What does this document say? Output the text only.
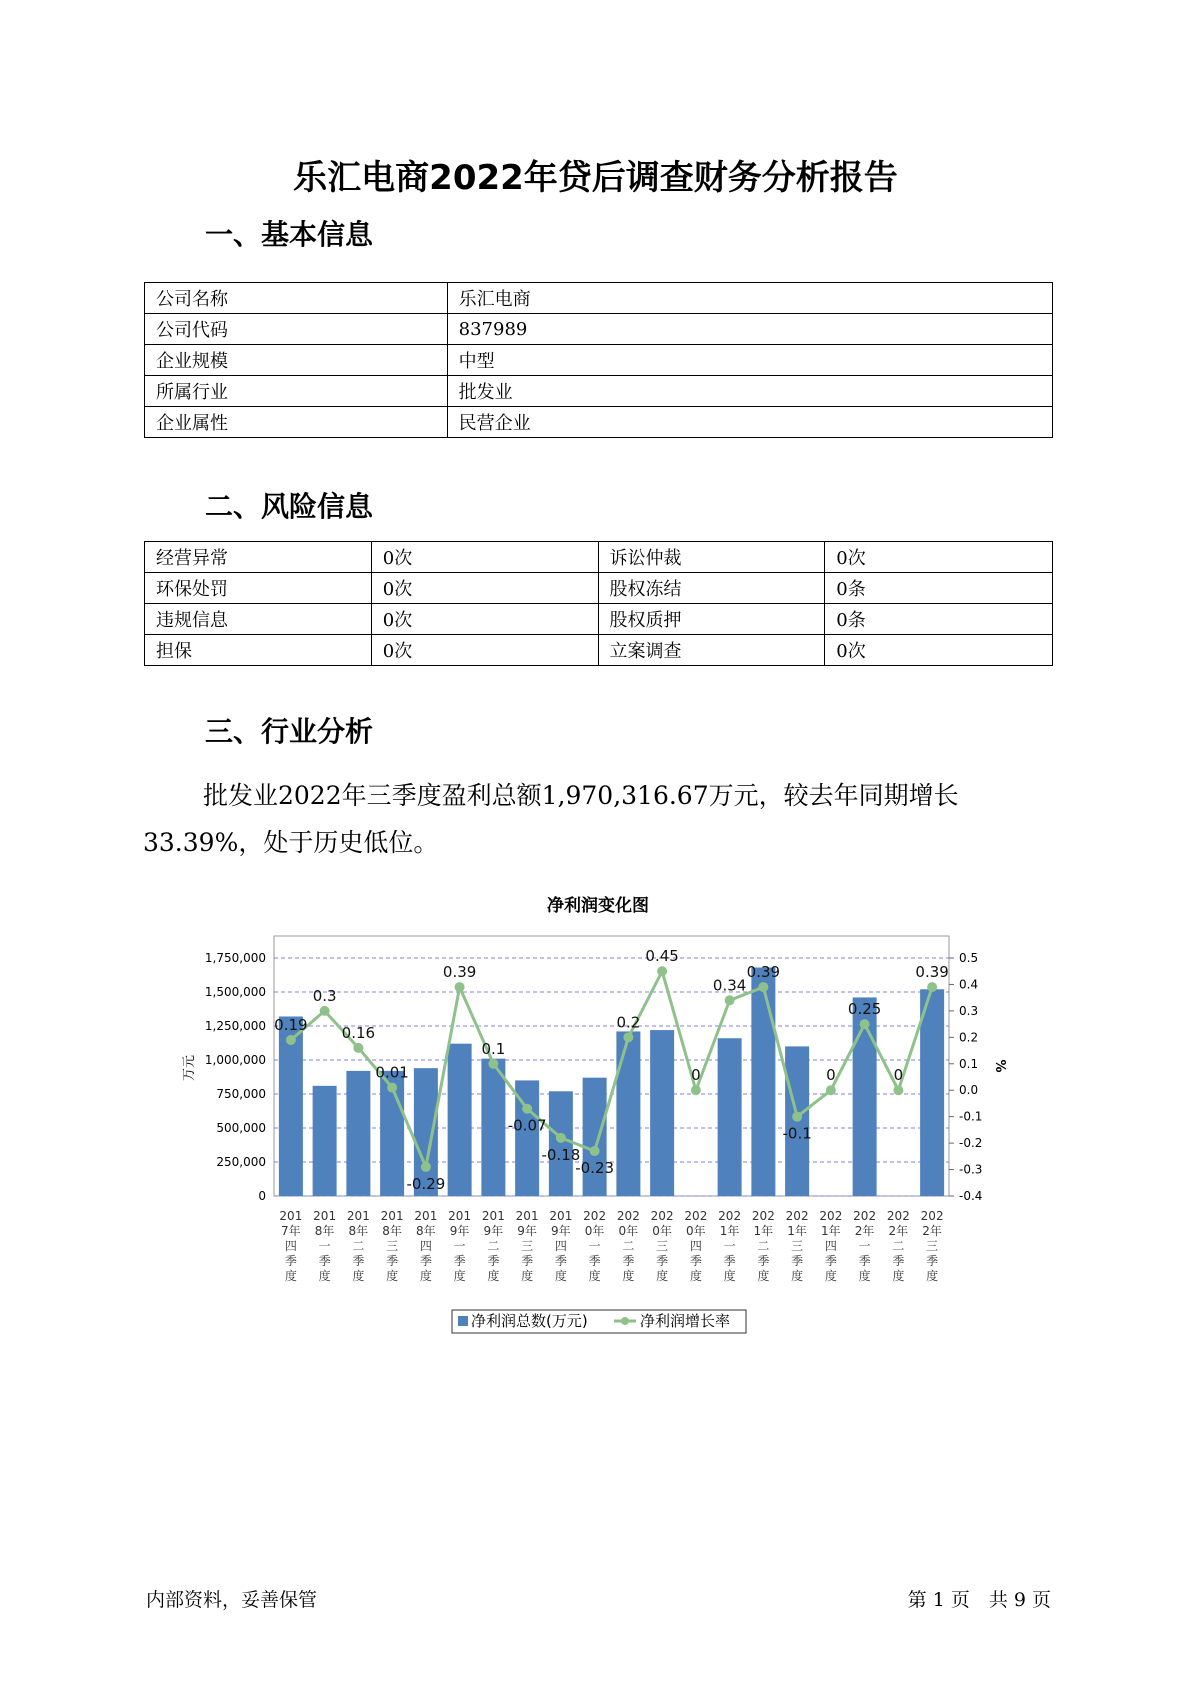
乐汇电商2022年贷后调查财务分析报告
一、基本信息
公司名称	乐汇电商
公司代码	837989
企业规模	中型
所属行业	批发业
企业属性	民营企业
二、风险信息
经营异常	0次	诉讼仲裁	0次
环保处罚	0次	股权冻结	0条
违规信息	0次	股权质押	0条
担保	0次	立案调查	0次
三、行业分析
批发业2022年三季度盈利总额1,970,316.67万元，较去年同期增长33.39%，处于历史低位。
净利润变化图
0.19
0.3
0.16
0.01
-0.29
0.39
0.1
-0.07
-0.18
-0.23
0.2
0.45
0
0.34
0.39
-0.1
0
0.25
0
0.39
0
250,000
500,000
750,000
1,000,000
1,250,000
1,500,000
1,750,000
-0.4
-0.3
-0.2
-0.1
0.0
0.1
0.2
0.3
0.4
0.5
201 7年四季度
201 8年一季度
201 8年二季度
201 8年三季度
201 8年四季度
201 9年一季度
201 9年二季度
201 9年三季度
201 9年四季度
202 0年一季度
202 0年二季度
202 0年三季度
202 0年四季度
202 1年一季度
202 1年二季度
202 1年三季度
202 1年四季度
202 2年一季度
202 2年二季度
202 2年三季度
万元	%
净利润总数(万元)	净利润增长率
内部资料，妥善保管	第 1 页　共 9 页
